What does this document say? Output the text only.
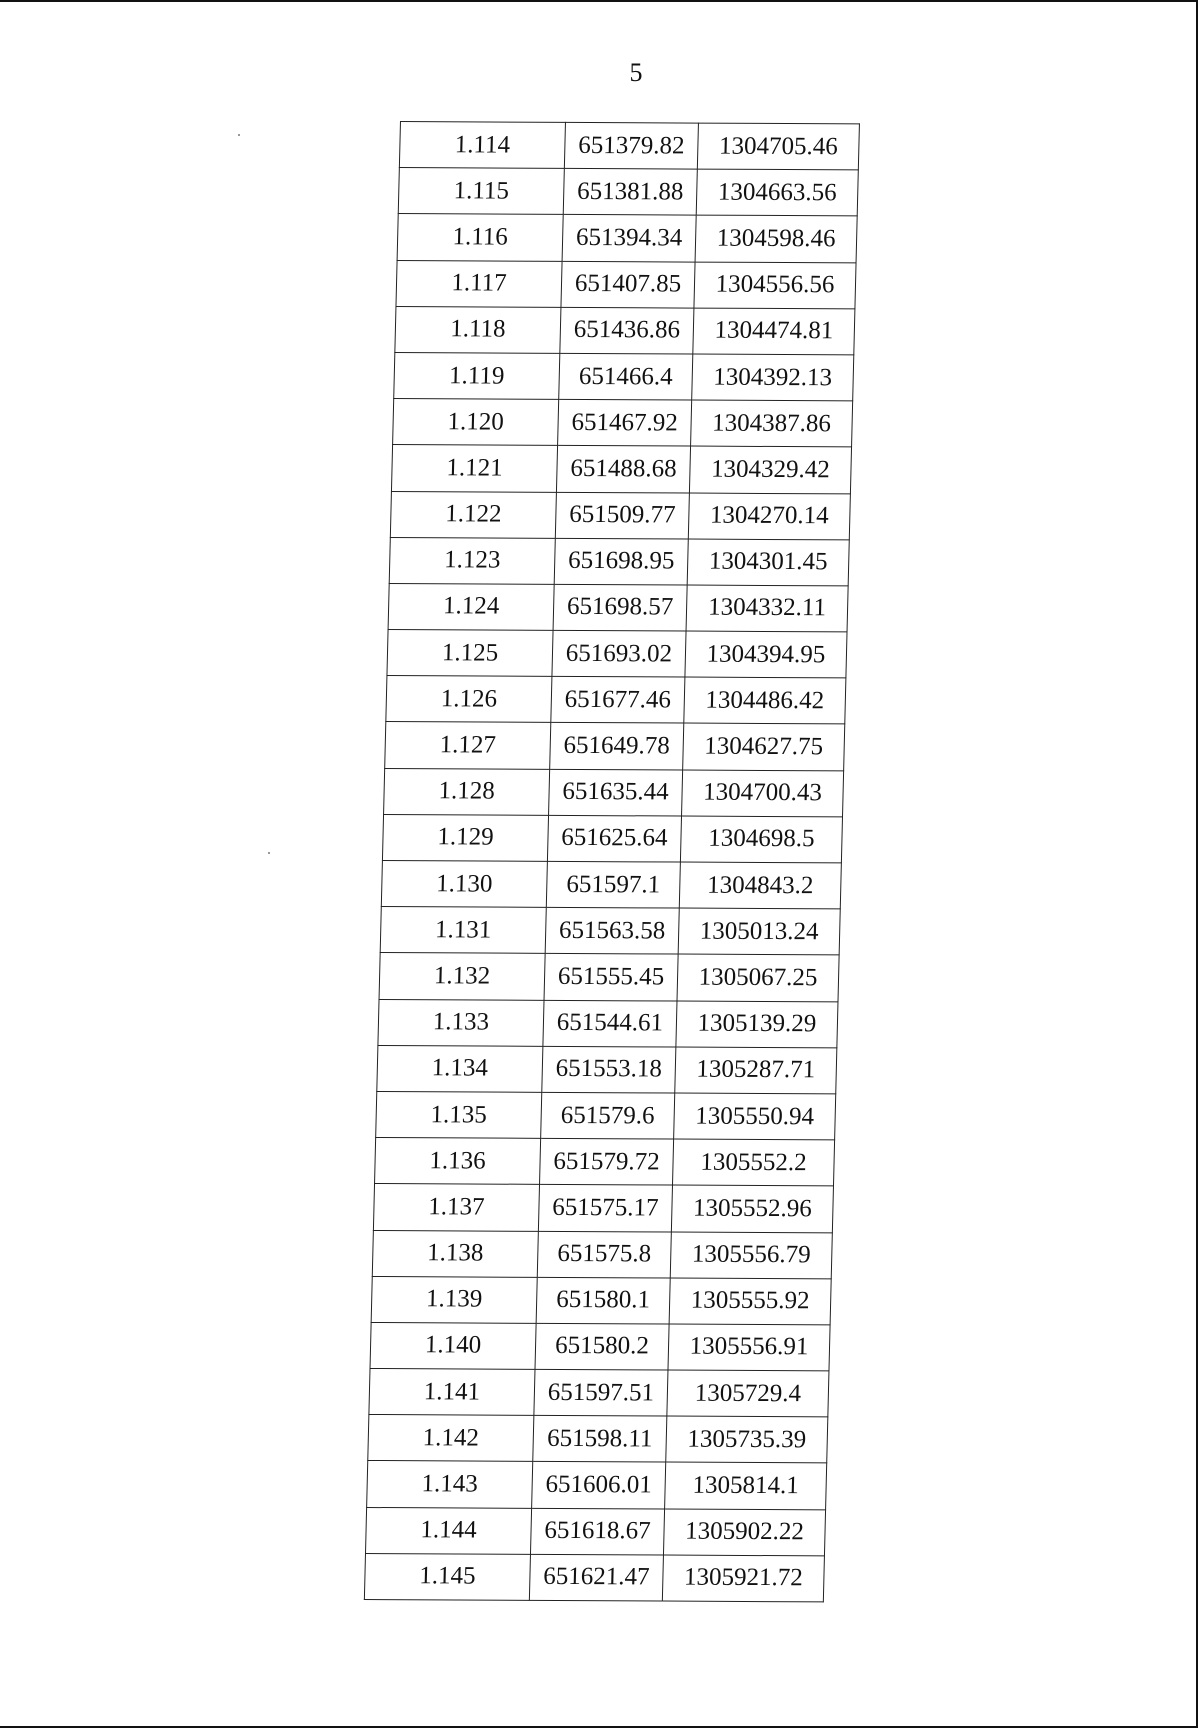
5
1.114	651379.82	1304705.46
1.115	651381.88	1304663.56
1.116	651394.34	1304598.46
1.117	651407.85	1304556.56
1.118	651436.86	1304474.81
1.119	651466.4	1304392.13
1.120	651467.92	1304387.86
1.121	651488.68	1304329.42
1.122	651509.77	1304270.14
1.123	651698.95	1304301.45
1.124	651698.57	1304332.11
1.125	651693.02	1304394.95
1.126	651677.46	1304486.42
1.127	651649.78	1304627.75
1.128	651635.44	1304700.43
1.129	651625.64	1304698.5
1.130	651597.1	1304843.2
1.131	651563.58	1305013.24
1.132	651555.45	1305067.25
1.133	651544.61	1305139.29
1.134	651553.18	1305287.71
1.135	651579.6	1305550.94
1.136	651579.72	1305552.2
1.137	651575.17	1305552.96
1.138	651575.8	1305556.79
1.139	651580.1	1305555.92
1.140	651580.2	1305556.91
1.141	651597.51	1305729.4
1.142	651598.11	1305735.39
1.143	651606.01	1305814.1
1.144	651618.67	1305902.22
1.145	651621.47	1305921.72
